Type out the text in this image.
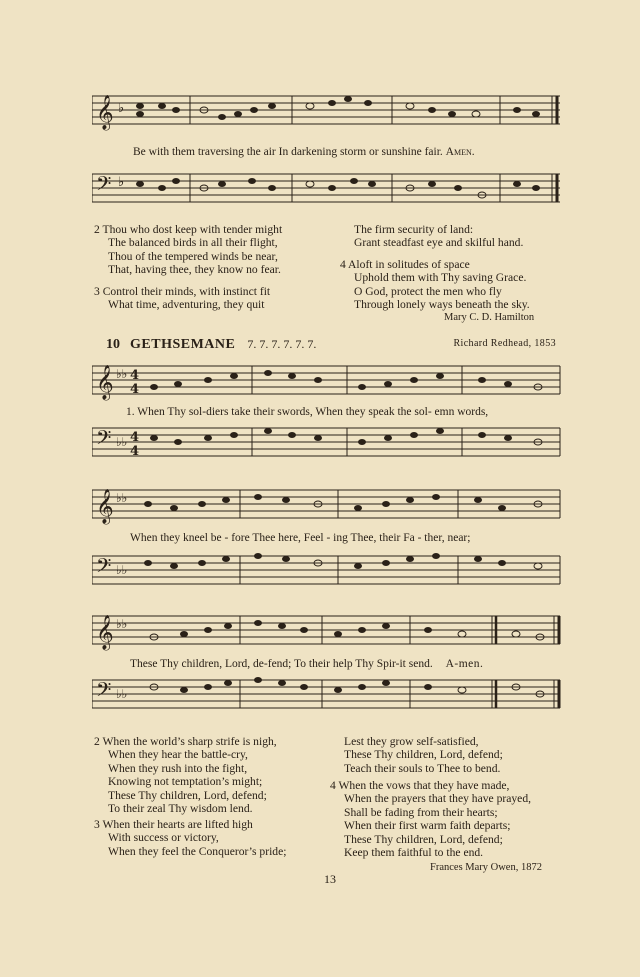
𝄞 ♭
Be with them traversing the air In darkening storm or sunshine fair. Amen.
𝄢 ♭
2 Thou who dost keep with tender might
The balanced birds in all their flight,
Thou of the tempered winds be near,
That, having thee, they know no fear.
3 Control their minds, with instinct fit
What time, adventuring, they quit
The firm security of land:
Grant steadfast eye and skilful hand.
4 Aloft in solitudes of space
Uphold them with Thy saving Grace.
O God, protect the men who fly
Through lonely ways beneath the sky.
Mary C. D. Hamilton
10 GETHSEMANE 7. 7. 7. 7. 7. 7.	Richard Redhead, 1853
𝄞 ♭♭ 4
4
1. When Thy sol-diers take their swords, When they speak the sol- emn words,
𝄢 ♭♭ 4
4
𝄞 ♭♭
When they kneel be - fore Thee here, Feel - ing Thee, their Fa - ther, near;
𝄢 ♭♭
𝄞 ♭♭
These Thy children, Lord, de-fend; To their help Thy Spir-it send. A-men.
𝄢 ♭♭
2 When the world’s sharp strife is nigh,
When they hear the battle-cry,
When they rush into the fight,
Knowing not temptation’s might;
These Thy children, Lord, defend;
To their zeal Thy wisdom lend.
3 When their hearts are lifted high
With success or victory,
When they feel the Conqueror’s pride;
Lest they grow self-satisfied,
These Thy children, Lord, defend;
Teach their souls to Thee to bend.
4 When the vows that they have made,
When the prayers that they have prayed,
Shall be fading from their hearts;
When their first warm faith departs;
These Thy children, Lord, defend;
Keep them faithful to the end.
Frances Mary Owen, 1872
13
